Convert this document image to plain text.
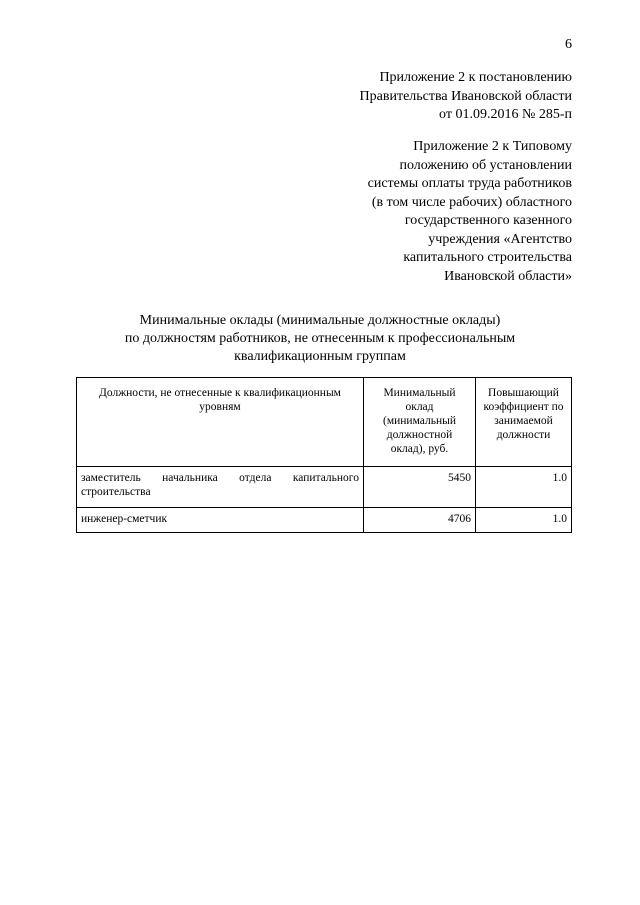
6
Приложение 2 к постановлению
Правительства Ивановской области
от 01.09.2016 № 285-п
Приложение 2 к Типовому
положению об установлении
системы оплаты труда работников
(в том числе рабочих) областного
государственного казенного
учреждения «Агентство
капитального строительства
Ивановской области»
Минимальные оклады (минимальные должностные оклады)
по должностям работников, не отнесенным к профессиональным
квалификационным группам
Должности, не отнесенные к квалификационным уровням	Минимальный оклад (минимальный должностной оклад), руб.	Повышающий коэффициент по занимаемой должности
заместитель начальника отдела капитального строительства	5450	1.0
инженер-сметчик	4706	1.0
